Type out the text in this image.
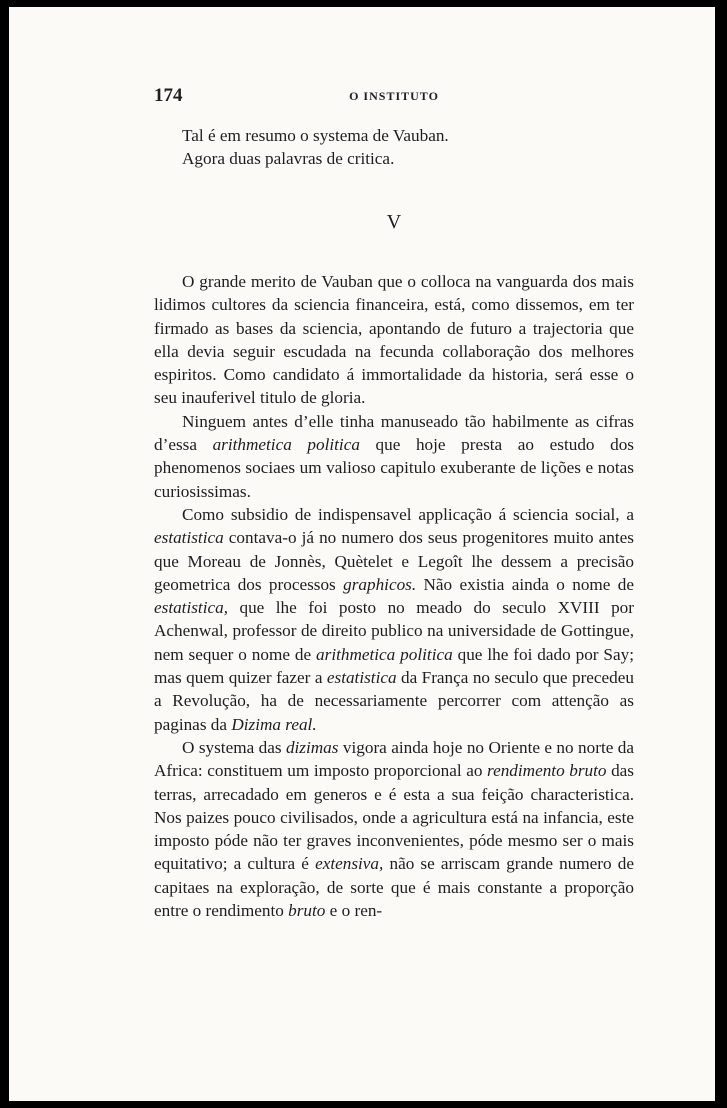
174	O INSTITUTO

Tal é em resumo o systema de Vauban.

Agora duas palavras de critica.

V

O grande merito de Vauban que o colloca na vanguarda dos mais lidimos cultores da sciencia financeira, está, como dissemos, em ter firmado as bases da sciencia, apontando de futuro a trajectoria que ella devia seguir escudada na fecunda collaboração dos melhores espiritos. Como candidato á immortalidade da historia, será esse o seu inauferivel titulo de gloria.

Ninguem antes d’elle tinha manuseado tão habilmente as cifras d’essa arithmetica politica que hoje presta ao estudo dos phenomenos sociaes um valioso capitulo exuberante de lições e notas curiosissimas.

Como subsidio de indispensavel applicação á sciencia social, a estatistica contava-o já no numero dos seus progenitores muito antes que Moreau de Jonnès, Quètelet e Legoît lhe dessem a precisão geometrica dos processos graphicos. Não existia ainda o nome de estatistica, que lhe foi posto no meado do seculo XVIII por Achenwal, professor de direito publico na universidade de Gottingue, nem sequer o nome de arithmetica politica que lhe foi dado por Say; mas quem quizer fazer a estatistica da França no seculo que precedeu a Revolução, ha de necessariamente percorrer com attenção as paginas da Dizima real.

O systema das dizimas vigora ainda hoje no Oriente e no norte da Africa: constituem um imposto proporcional ao rendimento bruto das terras, arrecadado em generos e é esta a sua feição characteristica. Nos paizes pouco civilisados, onde a agricultura está na infancia, este imposto póde não ter graves inconvenientes, póde mesmo ser o mais equitativo; a cultura é extensiva, não se arriscam grande numero de capitaes na exploração, de sorte que é mais constante a proporção entre o rendimento bruto e o ren-
